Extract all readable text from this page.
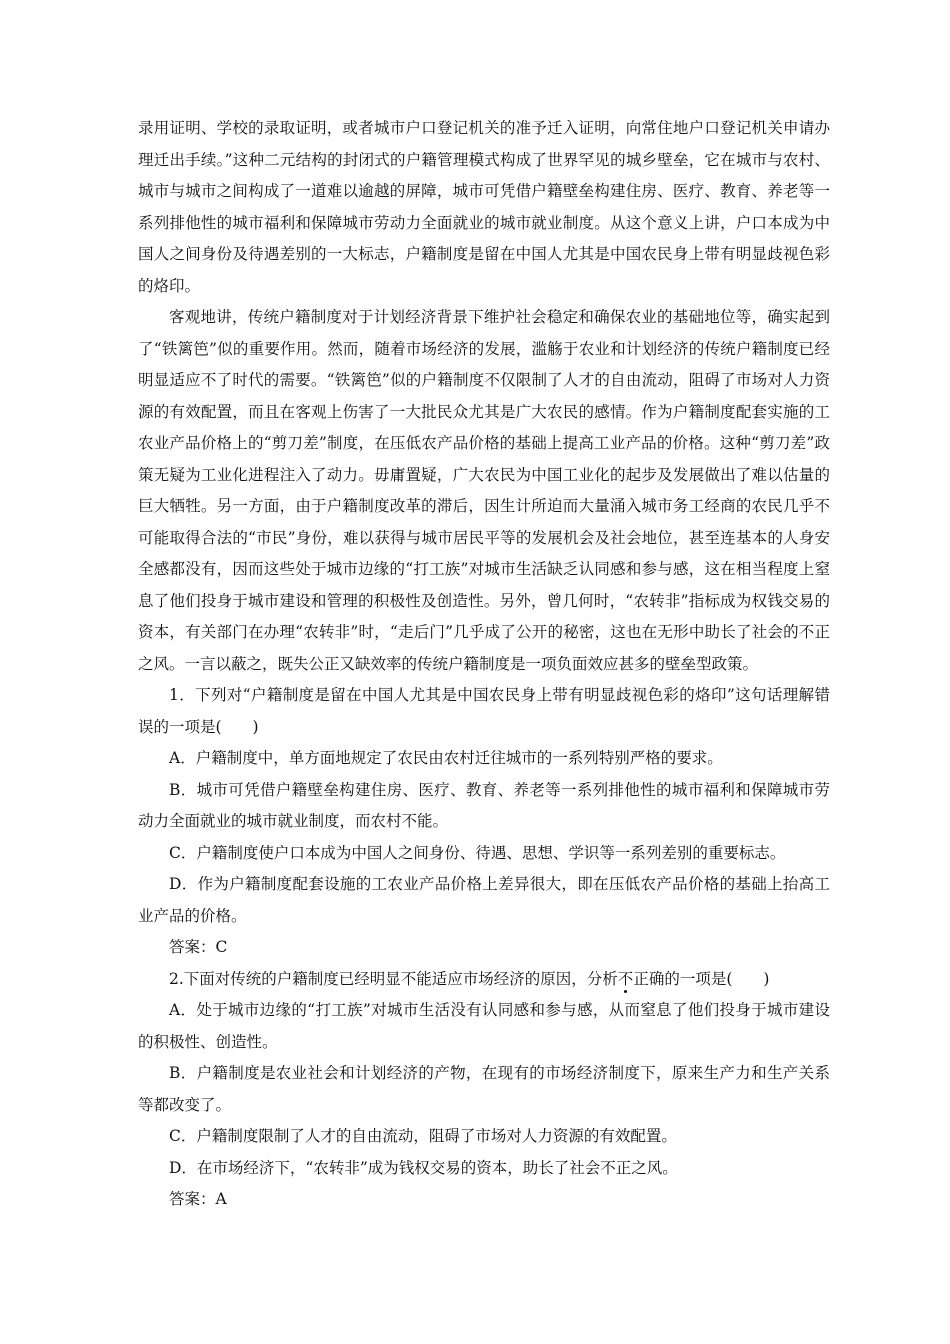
录用证明、学校的录取证明，或者城市户口登记机关的准予迁入证明，向常住地户口登记机关申请办理迁出手续。”这种二元结构的封闭式的户籍管理模式构成了世界罕见的城乡壁垒，它在城市与农村、城市与城市之间构成了一道难以逾越的屏障，城市可凭借户籍壁垒构建住房、医疗、教育、养老等一系列排他性的城市福利和保障城市劳动力全面就业的城市就业制度。从这个意义上讲，户口本成为中国人之间身份及待遇差别的一大标志，户籍制度是留在中国人尤其是中国农民身上带有明显歧视色彩的烙印。

客观地讲，传统户籍制度对于计划经济背景下维护社会稳定和确保农业的基础地位等，确实起到了“铁篱笆”似的重要作用。然而，随着市场经济的发展，滥觞于农业和计划经济的传统户籍制度已经明显适应不了时代的需要。“铁篱笆”似的户籍制度不仅限制了人才的自由流动，阻碍了市场对人力资源的有效配置，而且在客观上伤害了一大批民众尤其是广大农民的感情。作为户籍制度配套实施的工农业产品价格上的“剪刀差”制度，在压低农产品价格的基础上提高工业产品的价格。这种“剪刀差”政策无疑为工业化进程注入了动力。毋庸置疑，广大农民为中国工业化的起步及发展做出了难以估量的巨大牺牲。另一方面，由于户籍制度改革的滞后，因生计所迫而大量涌入城市务工经商的农民几乎不可能取得合法的“市民”身份，难以获得与城市居民平等的发展机会及社会地位，甚至连基本的人身安全感都没有，因而这些处于城市边缘的“打工族”对城市生活缺乏认同感和参与感，这在相当程度上窒息了他们投身于城市建设和管理的积极性及创造性。另外，曾几何时，“农转非”指标成为权钱交易的资本，有关部门在办理“农转非”时，“走后门”几乎成了公开的秘密，这也在无形中助长了社会的不正之风。一言以蔽之，既失公正又缺效率的传统户籍制度是一项负面效应甚多的壁垒型政策。

1．下列对“户籍制度是留在中国人尤其是中国农民身上带有明显歧视色彩的烙印”这句话理解错误的一项是(　　)

A．户籍制度中，单方面地规定了农民由农村迁往城市的一系列特别严格的要求。

B．城市可凭借户籍壁垒构建住房、医疗、教育、养老等一系列排他性的城市福利和保障城市劳动力全面就业的城市就业制度，而农村不能。

C．户籍制度使户口本成为中国人之间身份、待遇、思想、学识等一系列差别的重要标志。

D．作为户籍制度配套设施的工农业产品价格上差异很大，即在压低农产品价格的基础上抬高工业产品的价格。

答案：C

2.下面对传统的户籍制度已经明显不能适应市场经济的原因，分析不正确的一项是(　　)

A．处于城市边缘的“打工族”对城市生活没有认同感和参与感，从而窒息了他们投身于城市建设的积极性、创造性。

B．户籍制度是农业社会和计划经济的产物，在现有的市场经济制度下，原来生产力和生产关系等都改变了。

C．户籍制度限制了人才的自由流动，阻碍了市场对人力资源的有效配置。

D．在市场经济下，“农转非”成为钱权交易的资本，助长了社会不正之风。

答案：A
